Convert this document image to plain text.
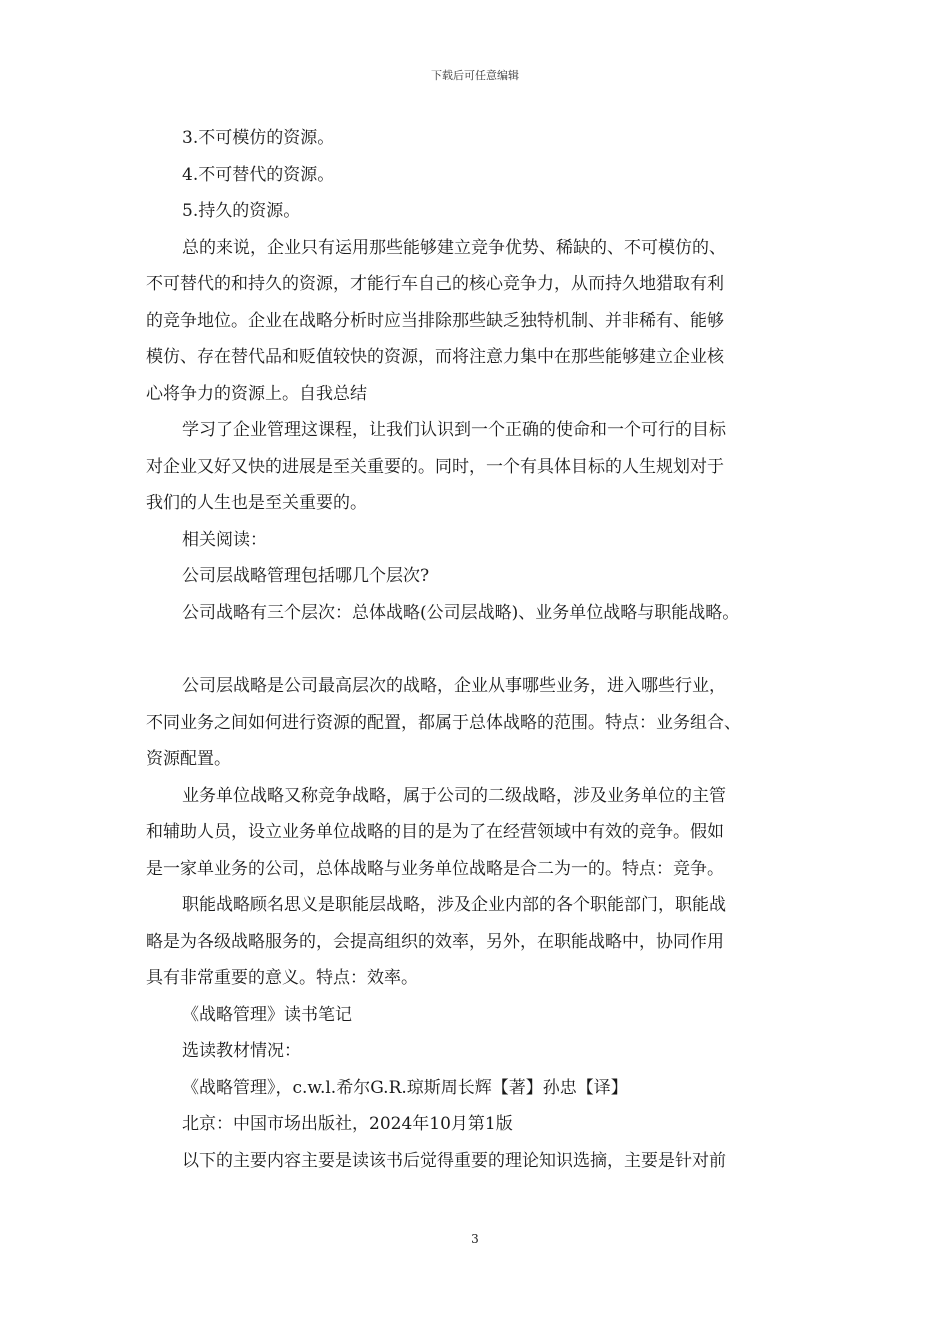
下载后可任意编辑
3.不可模仿的资源。
4.不可替代的资源。
5.持久的资源。
总的来说，企业只有运用那些能够建立竞争优势、稀缺的、不可模仿的、
不可替代的和持久的资源，才能行车自己的核心竞争力，从而持久地猎取有利
的竞争地位。企业在战略分析时应当排除那些缺乏独特机制、并非稀有、能够
模仿、存在替代品和贬值较快的资源，而将注意力集中在那些能够建立企业核
心将争力的资源上。自我总结
学习了企业管理这课程，让我们认识到一个正确的使命和一个可行的目标
对企业又好又快的进展是至关重要的。同时，一个有具体目标的人生规划对于
我们的人生也是至关重要的。
相关阅读：
公司层战略管理包括哪几个层次?
公司战略有三个层次：总体战略(公司层战略)、业务单位战略与职能战略。
公司层战略是公司最高层次的战略，企业从事哪些业务，进入哪些行业，
不同业务之间如何进行资源的配置，都属于总体战略的范围。特点：业务组合、
资源配置。
业务单位战略又称竞争战略，属于公司的二级战略，涉及业务单位的主管
和辅助人员，设立业务单位战略的目的是为了在经营领域中有效的竞争。假如
是一家单业务的公司，总体战略与业务单位战略是合二为一的。特点：竞争。
职能战略顾名思义是职能层战略，涉及企业内部的各个职能部门，职能战
略是为各级战略服务的，会提高组织的效率，另外，在职能战略中，协同作用
具有非常重要的意义。特点：效率。
《战略管理》读书笔记
选读教材情况：
《战略管理》，c.w.l.希尔G.R.琼斯周长辉【著】孙忠【译】
北京：中国市场出版社，2024年10月第1版
以下的主要内容主要是读该书后觉得重要的理论知识选摘，主要是针对前
3
